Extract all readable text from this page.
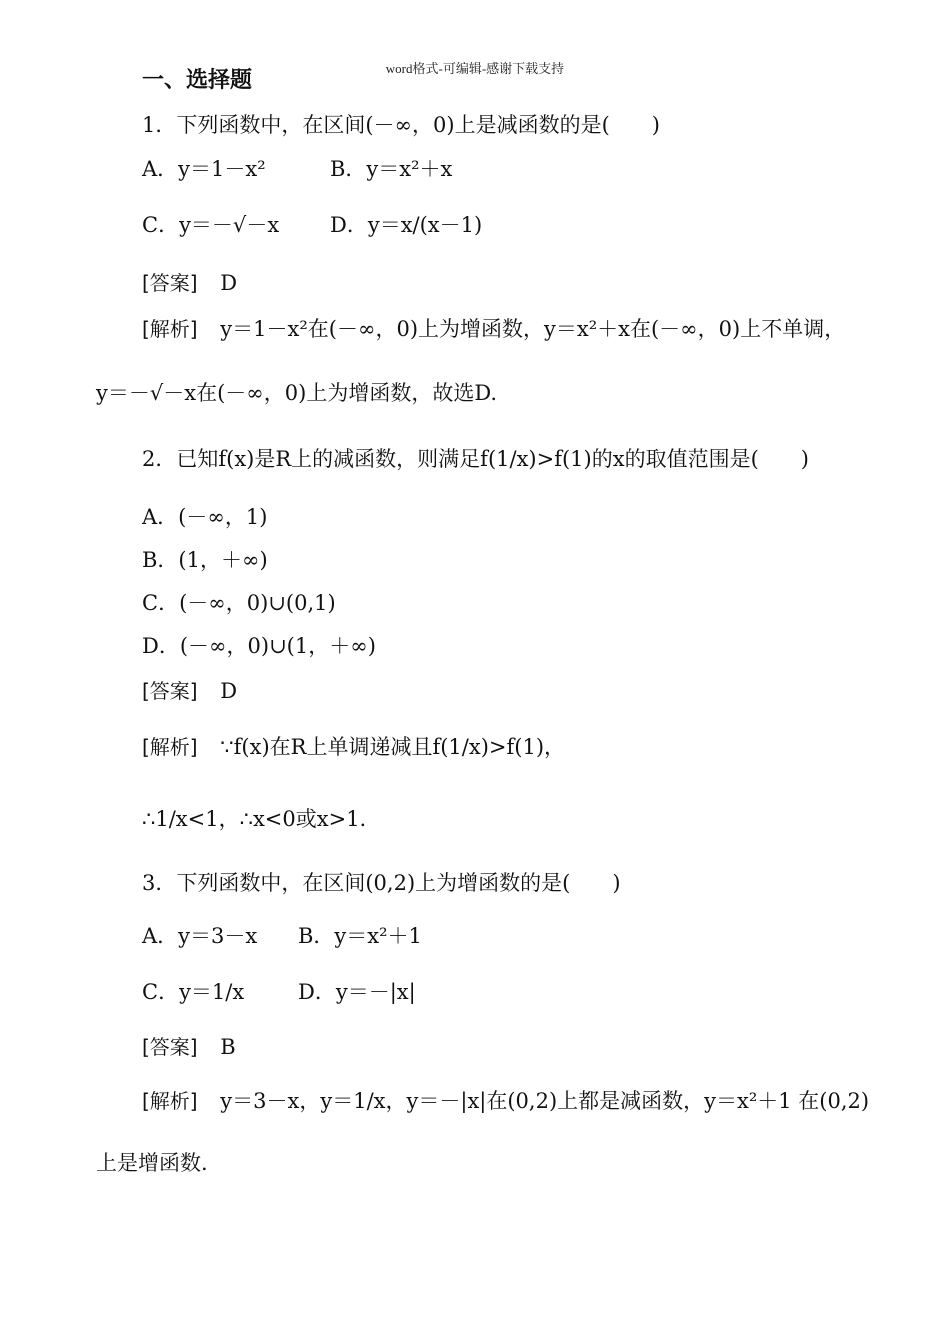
word格式-可编辑-感谢下载支持
一、选择题
1．下列函数中，在区间(－∞，0)上是减函数的是(　　)
A．y＝1－x²	B．y＝x²＋x
C．y＝－√－x D．y＝x/(x－1)
[答案] D
[解析] y＝1－x²在(－∞，0)上为增函数，y＝x²＋x在(－∞，0)上不单调，
y＝－√－x在(－∞，0)上为增函数，故选D.
2．已知f(x)是R上的减函数，则满足f(1/x)>f(1)的x的取值范围是(　　)
A．(－∞，1)
B．(1，＋∞)
C．(－∞，0)∪(0,1)
D．(－∞，0)∪(1，＋∞)
[答案] D
[解析] ∵f(x)在R上单调递减且f(1/x)>f(1)，
∴1/x<1，∴x<0或x>1.
3．下列函数中，在区间(0,2)上为增函数的是(　　)
A．y＝3－x B．y＝x²＋1
C．y＝1/x	D．y＝－|x|
[答案] B
[解析] y＝3－x，y＝1/x，y＝－|x|在(0,2)上都是减函数，y＝x²＋1 在(0,2)
上是增函数.
